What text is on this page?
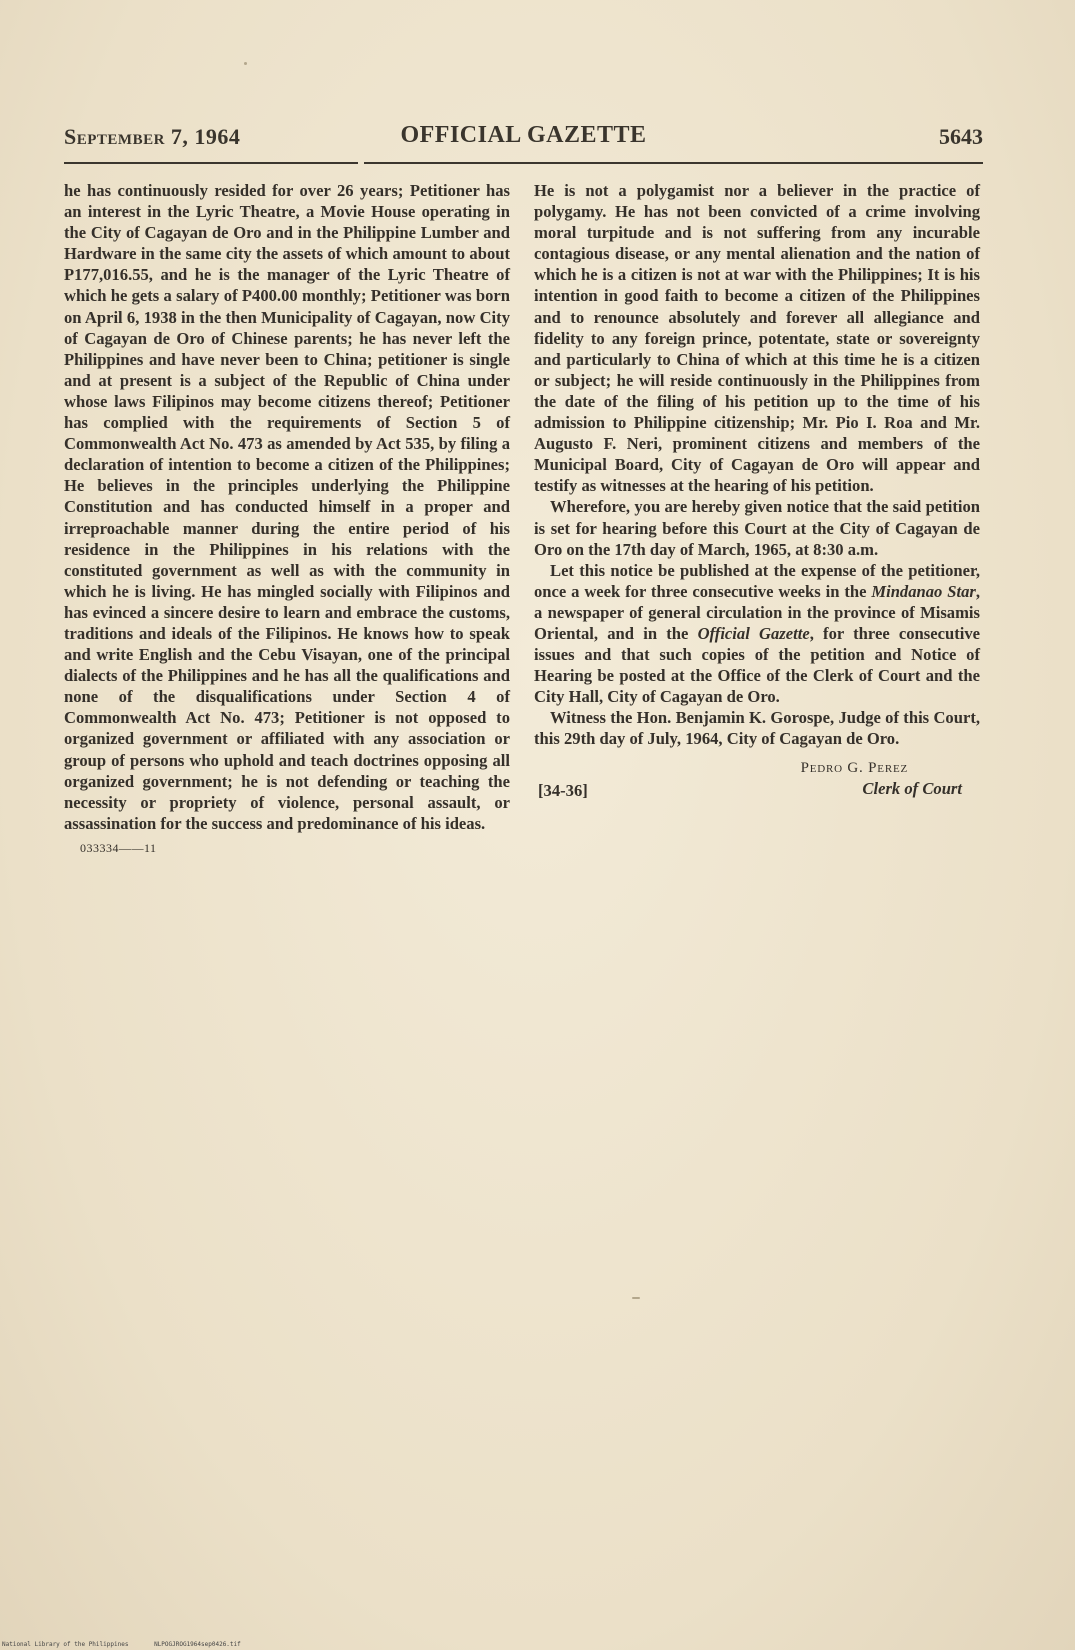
September 7, 1964	OFFICIAL GAZETTE	5643

he has continuously resided for over 26 years; Petitioner has an interest in the Lyric Theatre, a Movie House operating in the City of Cagayan de Oro and in the Philippine Lumber and Hardware in the same city the assets of which amount to about P177,016.55, and he is the manager of the Lyric Theatre of which he gets a salary of P400.00 monthly; Petitioner was born on April 6, 1938 in the then Municipality of Cagayan, now City of Cagayan de Oro of Chinese parents; he has never left the Philippines and have never been to China; petitioner is single and at present is a subject of the Republic of China under whose laws Filipinos may become citizens thereof; Petitioner has complied with the requirements of Section 5 of Commonwealth Act No. 473 as amended by Act 535, by filing a declaration of intention to become a citizen of the Philippines; He believes in the principles underlying the Philippine Constitution and has conducted himself in a proper and irreproachable manner during the entire period of his residence in the Philippines in his relations with the constituted government as well as with the community in which he is living. He has mingled socially with Filipinos and has evinced a sincere desire to learn and embrace the customs, traditions and ideals of the Filipinos. He knows how to speak and write English and the Cebu Visayan, one of the principal dialects of the Philippines and he has all the qualifications and none of the disqualifications under Section 4 of Commonwealth Act No. 473; Petitioner is not opposed to organized government or affiliated with any association or group of persons who uphold and teach doctrines opposing all organized government; he is not defending or teaching the necessity or propriety of violence, personal assault, or assassination for the success and predominance of his ideas.

033334——11

He is not a polygamist nor a believer in the practice of polygamy. He has not been convicted of a crime involving moral turpitude and is not suffering from any incurable contagious disease, or any mental alienation and the nation of which he is a citizen is not at war with the Philippines; It is his intention in good faith to become a citizen of the Philippines and to renounce absolutely and forever all allegiance and fidelity to any foreign prince, potentate, state or sovereignty and particularly to China of which at this time he is a citizen or subject; he will reside continuously in the Philippines from the date of the filing of his petition up to the time of his admission to Philippine citizenship; Mr. Pio I. Roa and Mr. Augusto F. Neri, prominent citizens and members of the Municipal Board, City of Cagayan de Oro will appear and testify as witnesses at the hearing of his petition.

Wherefore, you are hereby given notice that the said petition is set for hearing before this Court at the City of Cagayan de Oro on the 17th day of March, 1965, at 8:30 a.m.

Let this notice be published at the expense of the petitioner, once a week for three consecutive weeks in the Mindanao Star, a newspaper of general circulation in the province of Misamis Oriental, and in the Official Gazette, for three consecutive issues and that such copies of the petition and Notice of Hearing be posted at the Office of the Clerk of Court and the City Hall, City of Cagayan de Oro.

Witness the Hon. Benjamin K. Gorospe, Judge of this Court, this 29th day of July, 1964, City of Cagayan de Oro.

Pedro G. Perez
Clerk of Court
[34-36]
National Library of the Philippines	NLPOGJROG1964sep0426.tif
